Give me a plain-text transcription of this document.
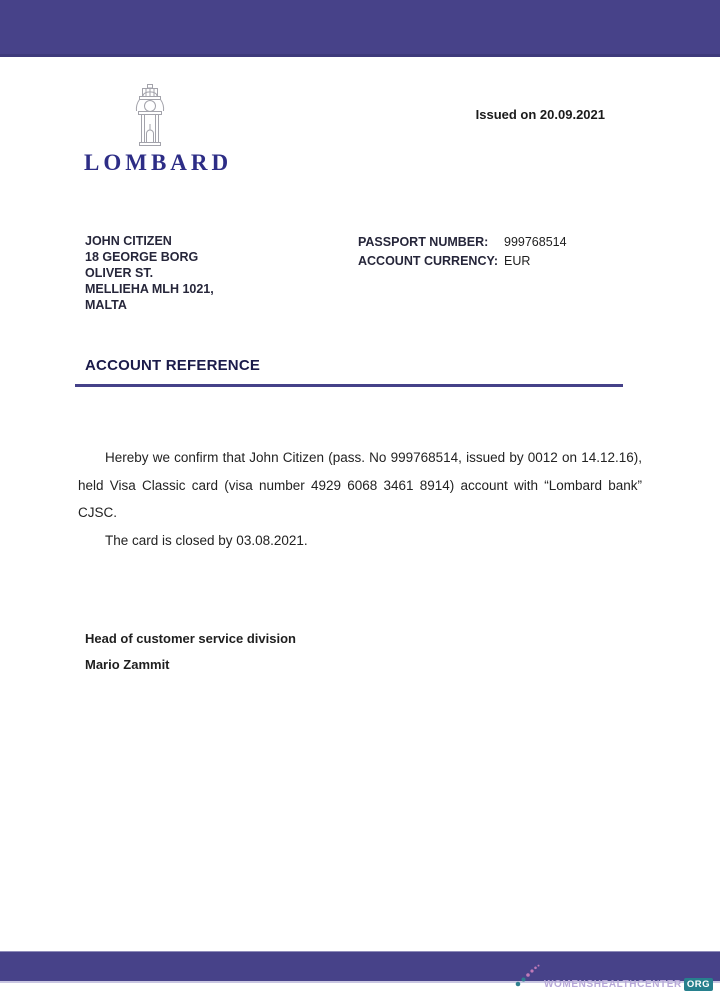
LOMBARD
Issued on 20.09.2021
JOHN CITIZEN
18 GEORGE BORG
OLIVER ST.
MELLIEHA MLH 1021,
MALTA
PASSPORT NUMBER:	999768514
ACCOUNT CURRENCY: EUR
ACCOUNT REFERENCE
Hereby we confirm that John Citizen (pass. No 999768514, issued by 0012 on 14.12.16),
held Visa Classic card (visa number 4929 6068 3461 8914) account with “Lombard bank”
CJSC.
The card is closed by 03.08.2021.
Head of customer service division
Mario Zammit
WOMENSHEALTHCENTER ORG
